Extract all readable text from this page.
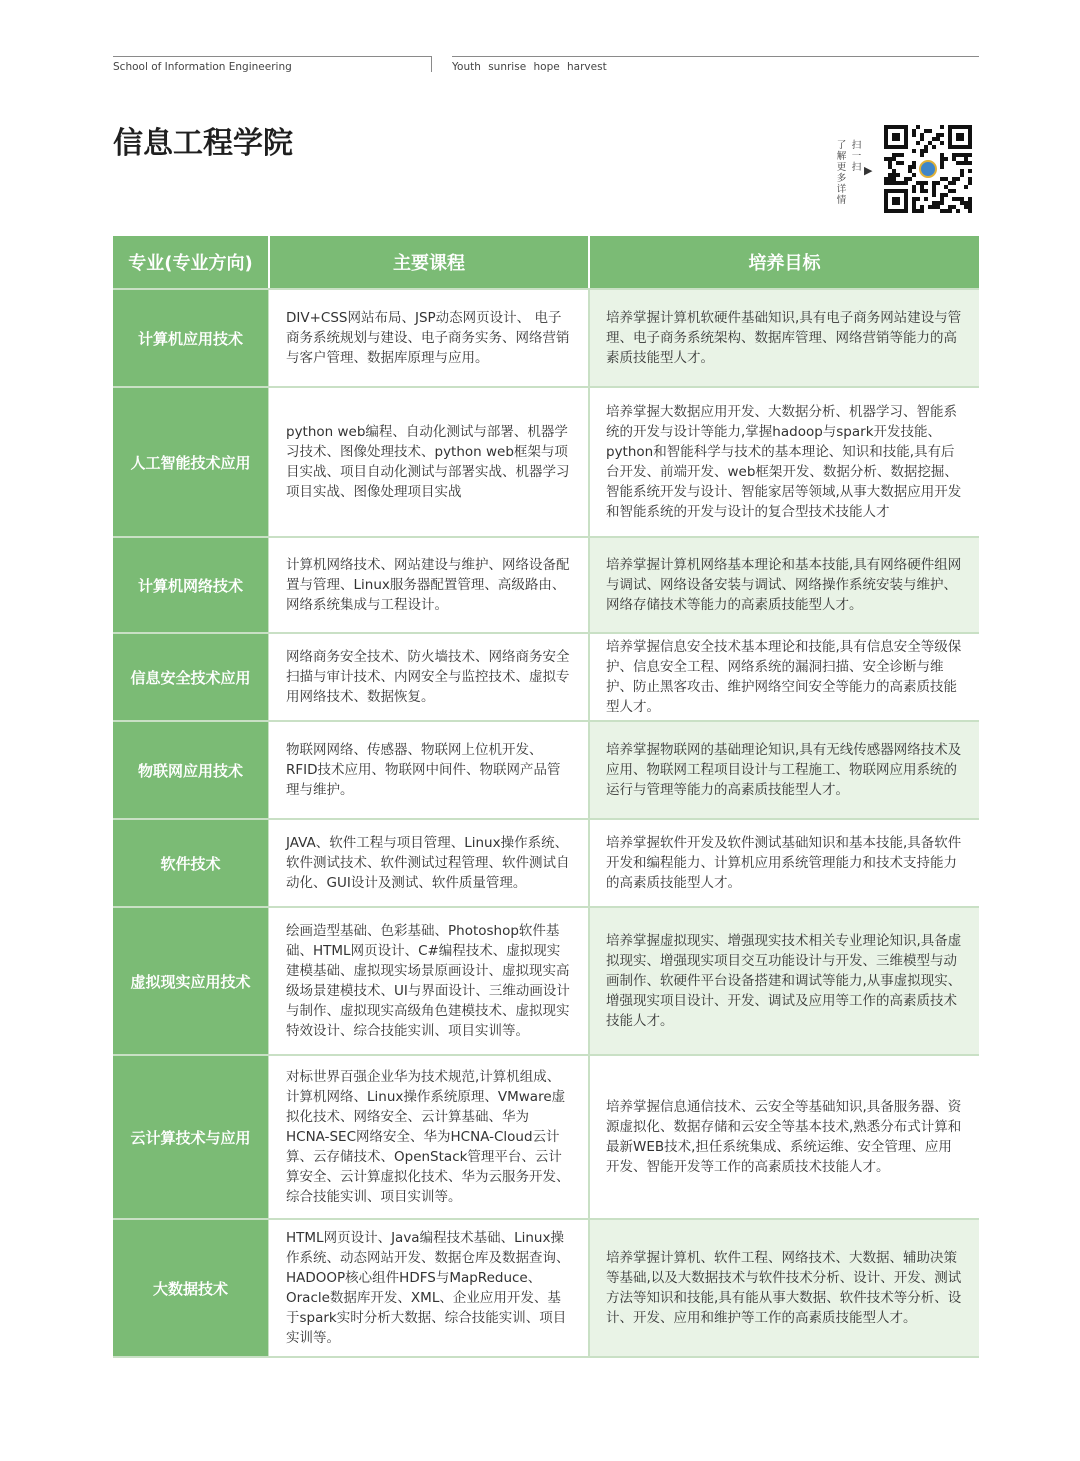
School of Information Engineering	Youth sunrise hope harvest
信息工程学院	了解更多详情
扫一扫 ▶
专业(专业方向)	主要课程	培养目标
计算机应用技术
DIV+CSS网站布局、JSP动态网页设计、 电子商务系统规划与建设、电子商务实务、网络营销与客户管理、数据库原理与应用。
培养掌握计算机软硬件基础知识,具有电子商务网站建设与管理、电子商务系统架构、数据库管理、网络营销等能力的高素质技能型人才。
人工智能技术应用
python web编程、自动化测试与部署、机器学习技术、图像处理技术、python web框架与项目实战、项目自动化测试与部署实战、机器学习项目实战、图像处理项目实战
培养掌握大数据应用开发、大数据分析、机器学习、智能系统的开发与设计等能力,掌握hadoop与spark开发技能、python和智能科学与技术的基本理论、知识和技能,具有后台开发、前端开发、web框架开发、数据分析、数据挖掘、智能系统开发与设计、智能家居等领域,从事大数据应用开发和智能系统的开发与设计的复合型技术技能人才
计算机网络技术
计算机网络技术、网站建设与维护、网络设备配置与管理、Linux服务器配置管理、高级路由、网络系统集成与工程设计。
培养掌握计算机网络基本理论和基本技能,具有网络硬件组网与调试、网络设备安装与调试、网络操作系统安装与维护、网络存储技术等能力的高素质技能型人才。
信息安全技术应用
网络商务安全技术、防火墙技术、网络商务安全扫描与审计技术、内网安全与监控技术、虚拟专用网络技术、数据恢复。
培养掌握信息安全技术基本理论和技能,具有信息安全等级保护、信息安全工程、网络系统的漏洞扫描、安全诊断与维护、防止黑客攻击、维护网络空间安全等能力的高素质技能型人才。
物联网应用技术
物联网网络、传感器、物联网上位机开发、RFID技术应用、物联网中间件、物联网产品管理与维护。
培养掌握物联网的基础理论知识,具有无线传感器网络技术及应用、物联网工程项目设计与工程施工、物联网应用系统的运行与管理等能力的高素质技能型人才。
软件技术
JAVA、软件工程与项目管理、Linux操作系统、软件测试技术、软件测试过程管理、软件测试自动化、GUI设计及测试、软件质量管理。
培养掌握软件开发及软件测试基础知识和基本技能,具备软件开发和编程能力、计算机应用系统管理能力和技术支持能力的高素质技能型人才。
虚拟现实应用技术
绘画造型基础、色彩基础、Photoshop软件基础、HTML网页设计、C#编程技术、虚拟现实建模基础、虚拟现实场景原画设计、虚拟现实高级场景建模技术、UI与界面设计、三维动画设计与制作、虚拟现实高级角色建模技术、虚拟现实特效设计、综合技能实训、项目实训等。
培养掌握虚拟现实、增强现实技术相关专业理论知识,具备虚拟现实、增强现实项目交互功能设计与开发、三维模型与动画制作、软硬件平台设备搭建和调试等能力,从事虚拟现实、增强现实项目设计、开发、调试及应用等工作的高素质技术技能人才。
云计算技术与应用
对标世界百强企业华为技术规范,计算机组成、计算机网络、Linux操作系统原理、VMware虚拟化技术、网络安全、云计算基础、华为HCNA-SEC网络安全、华为HCNA-Cloud云计算、云存储技术、OpenStack管理平台、云计算安全、云计算虚拟化技术、华为云服务开发、综合技能实训、项目实训等。
培养掌握信息通信技术、云安全等基础知识,具备服务器、资源虚拟化、数据存储和云安全等基本技术,熟悉分布式计算和最新WEB技术,担任系统集成、系统运维、安全管理、应用开发、智能开发等工作的高素质技术技能人才。
大数据技术
HTML网页设计、Java编程技术基础、Linux操作系统、动态网站开发、数据仓库及数据查询、HADOOP核心组件HDFS与MapReduce、Oracle数据库开发、XML、企业应用开发、基于spark实时分析大数据、综合技能实训、项目实训等。
培养掌握计算机、软件工程、网络技术、大数据、辅助决策等基础,以及大数据技术与软件技术分析、设计、开发、测试方法等知识和技能,具有能从事大数据、软件技术等分析、设计、开发、应用和维护等工作的高素质技能型人才。
